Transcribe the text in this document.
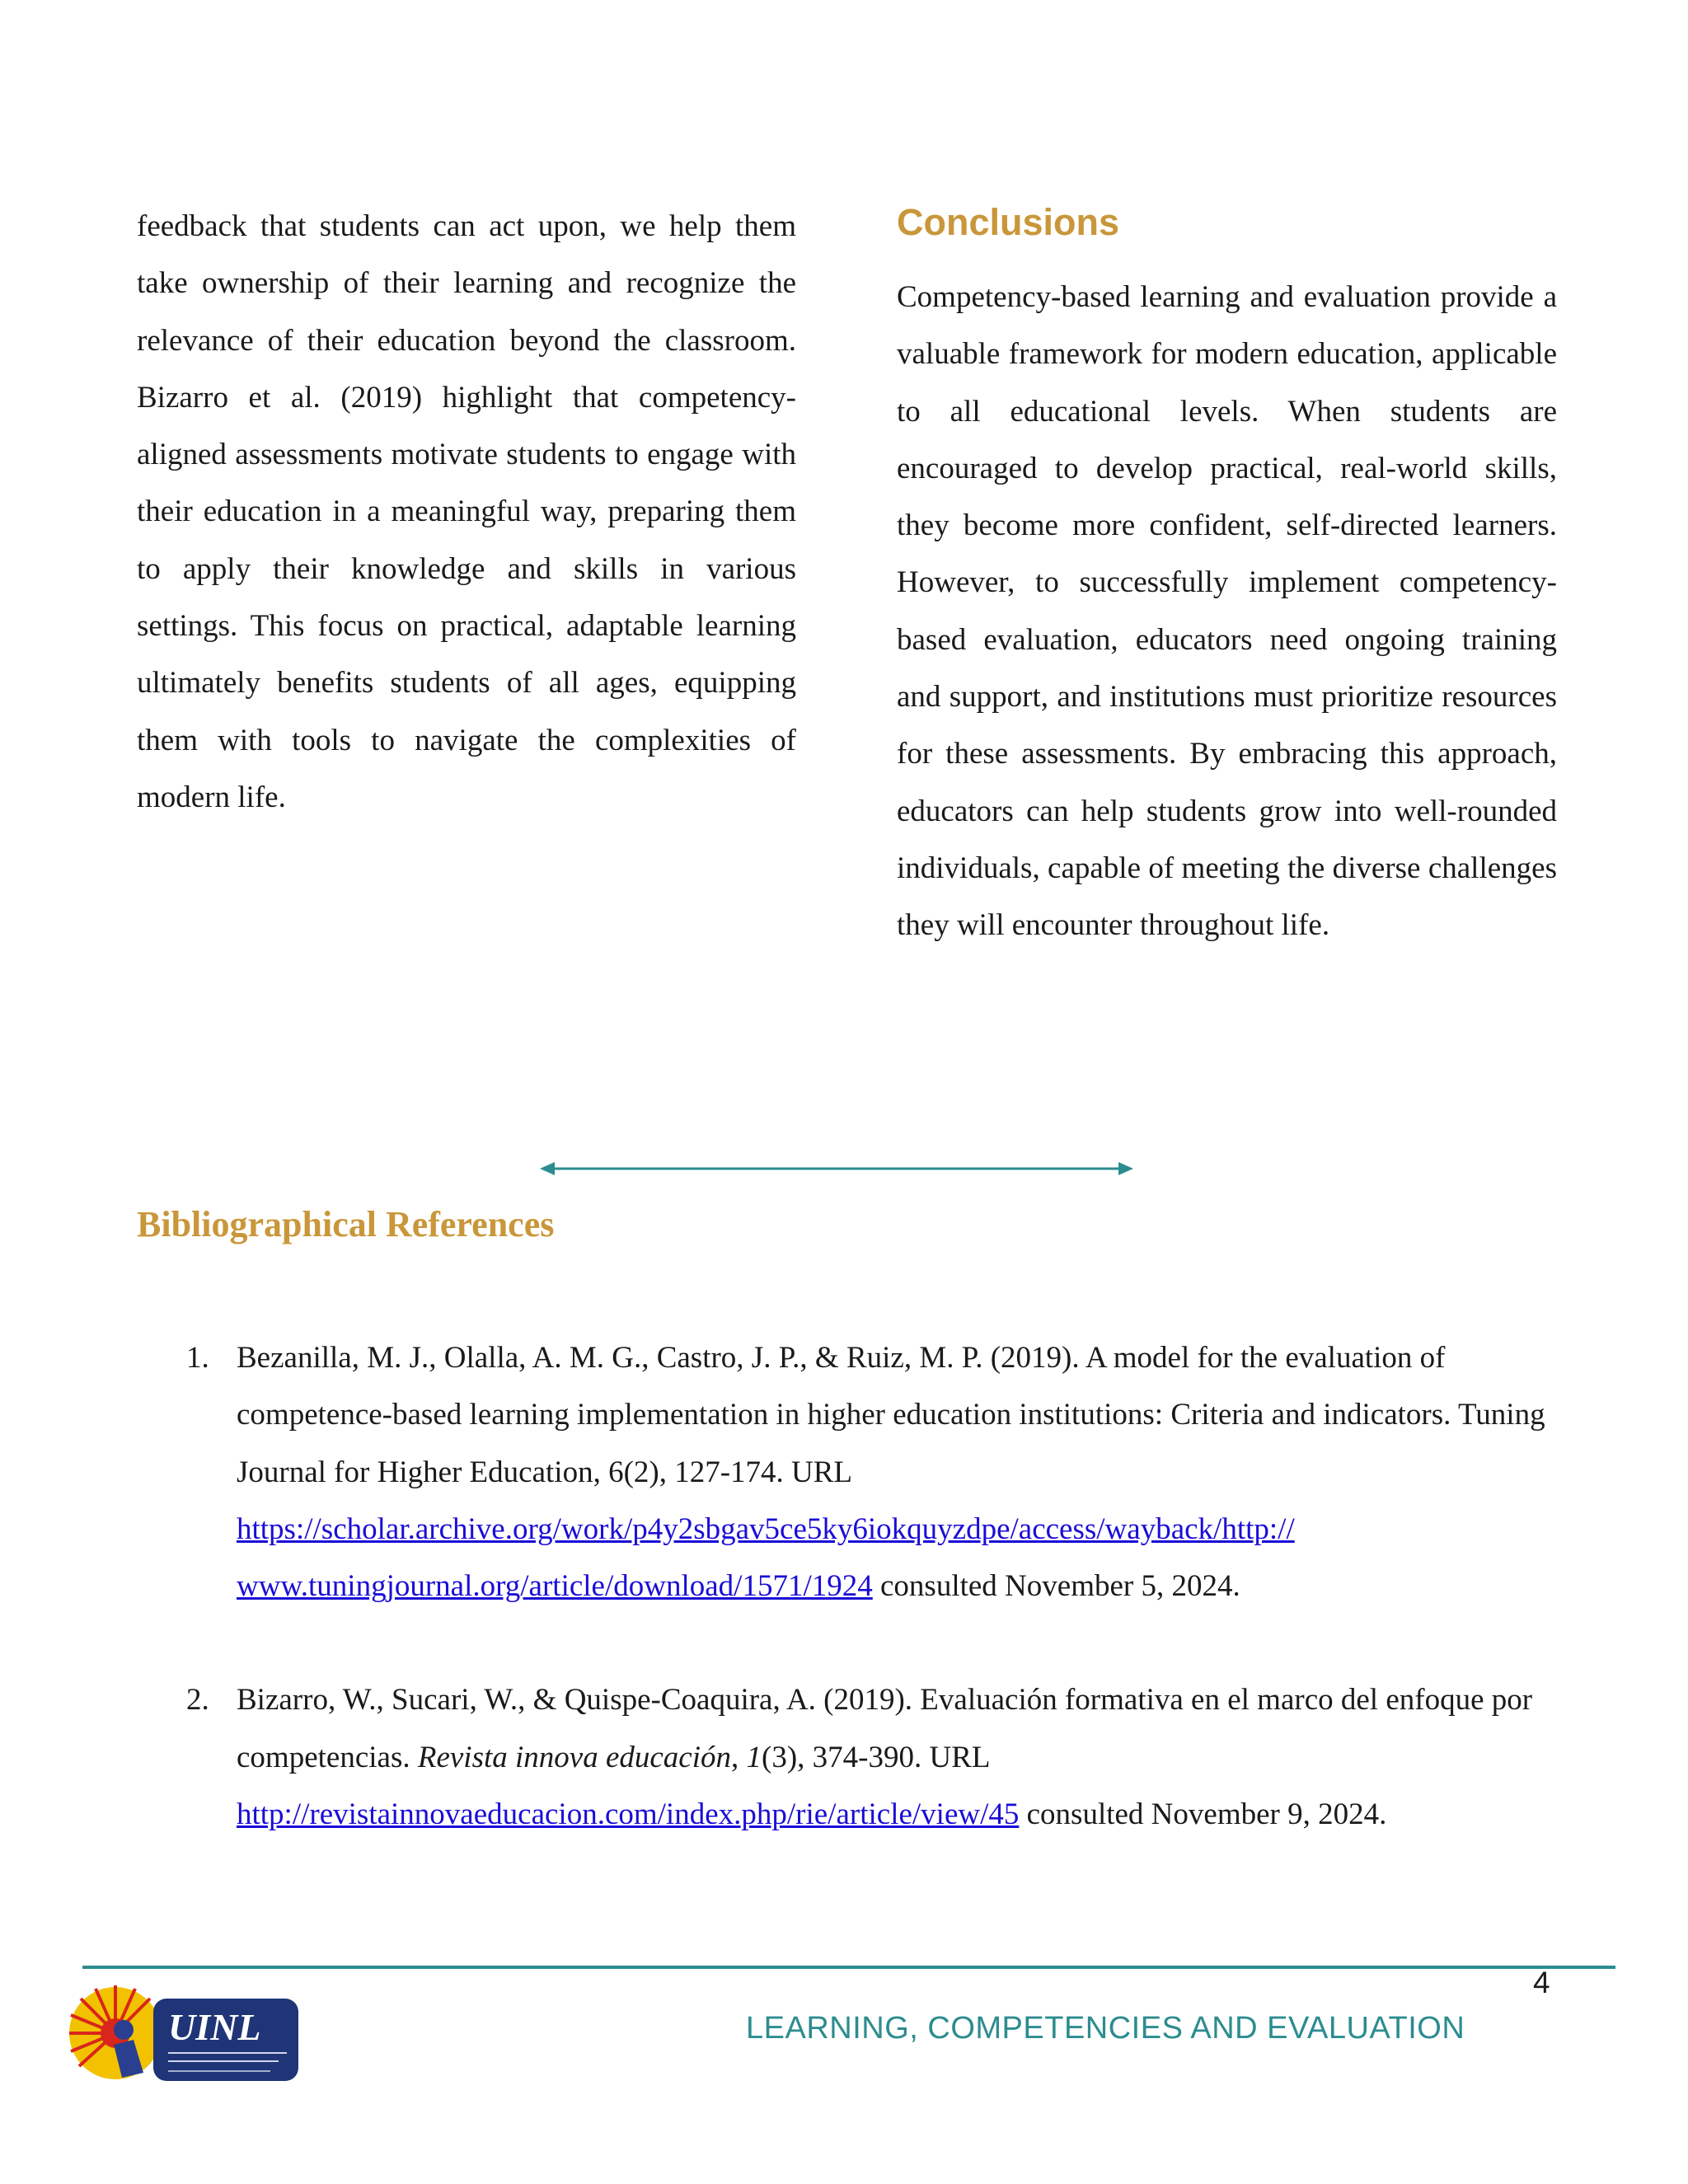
feedback that students can act upon, we help them take ownership of their learning and recognize the relevance of their education beyond the classroom. Bizarro et al. (2019) highlight that competency-aligned assessments motivate students to engage with their education in a meaningful way, preparing them to apply their knowledge and skills in various settings. This focus on practical, adaptable learning ultimately benefits students of all ages, equipping them with tools to navigate the complexities of modern life.

Conclusions

Competency-based learning and evaluation provide a valuable framework for modern education, applicable to all educational levels. When students are encouraged to develop practical, real-world skills, they become more confident, self-directed learners. However, to successfully implement competency-based evaluation, educators need ongoing training and support, and institutions must prioritize resources for these assessments. By embracing this approach, educators can help students grow into well-rounded individuals, capable of meeting the diverse challenges they will encounter throughout life.

Bibliographical References
1. Bezanilla, M. J., Olalla, A. M. G., Castro, J. P., & Ruiz, M. P. (2019). A model for the evaluation of competence-based learning implementation in higher education institutions: Criteria and indicators. Tuning Journal for Higher Education, 6(2), 127-174. URL https://scholar.archive.org/work/p4y2sbgav5ce5ky6iokquyzdpe/access/wayback/http://
www.tuningjournal.org/article/download/1571/1924 consulted November 5, 2024.
2. Bizarro, W., Sucari, W., & Quispe-Coaquira, A. (2019). Evaluación formativa en el marco del enfoque por competencias. Revista innova educación, 1(3), 374-390. URL http://revistainnovaeducacion.com/index.php/rie/article/view/45 consulted November 9, 2024.
4
UINL	LEARNING, COMPETENCIES AND EVALUATION
